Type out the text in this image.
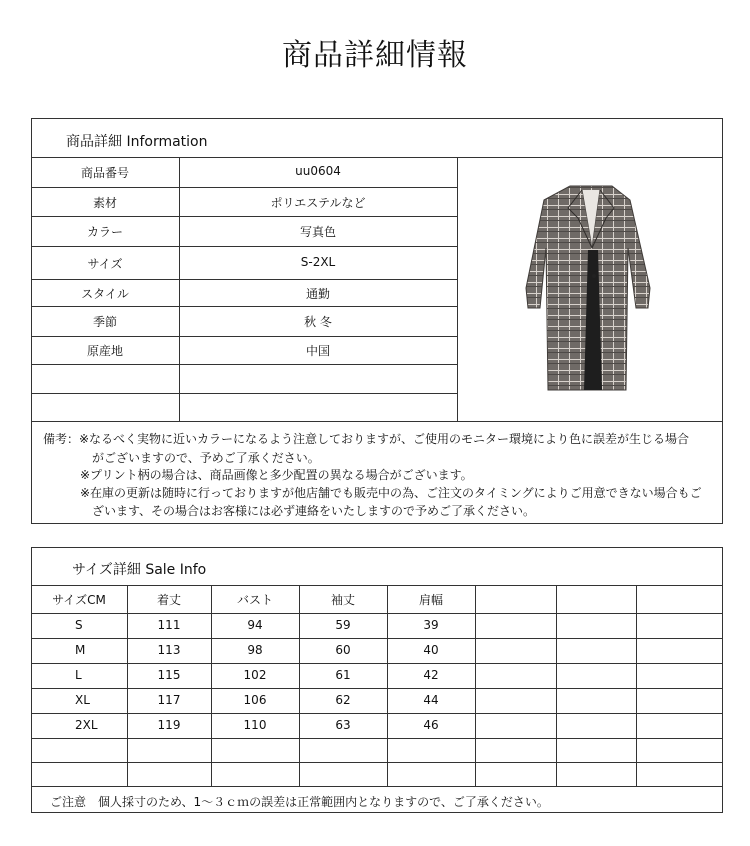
商品詳細情報
商品詳細 Information
商品番号	uu0604
素材	ポリエステルなど
カラー	写真色
サイズ	S-2XL
スタイル	通勤
季節	秋 冬
原産地	中国
備考：※なるべく実物に近いカラーになるよう注意しておりますが、ご使用のモニター環境により色に誤差が生じる場合
がございますので、予めご了承ください。
※プリント柄の場合は、商品画像と多少配置の異なる場合がございます。
※在庫の更新は随時に行っておりますが他店舗でも販売中の為、ご注文のタイミングによりご用意できない場合もご
ざいます、その場合はお客様には必ず連絡をいたしますので予めご了承ください。
サイズ詳細 Sale Info
サイズCM	着丈	バスト	袖丈	肩幅
S	111	94	59	39
M	113	98	60	40
L	115	102	61	42
XL	117	106	62	44
2XL	119	110	63	46
ご注意　個人採寸のため、1～３ｃｍの誤差は正常範囲内となりますので、ご了承ください。
